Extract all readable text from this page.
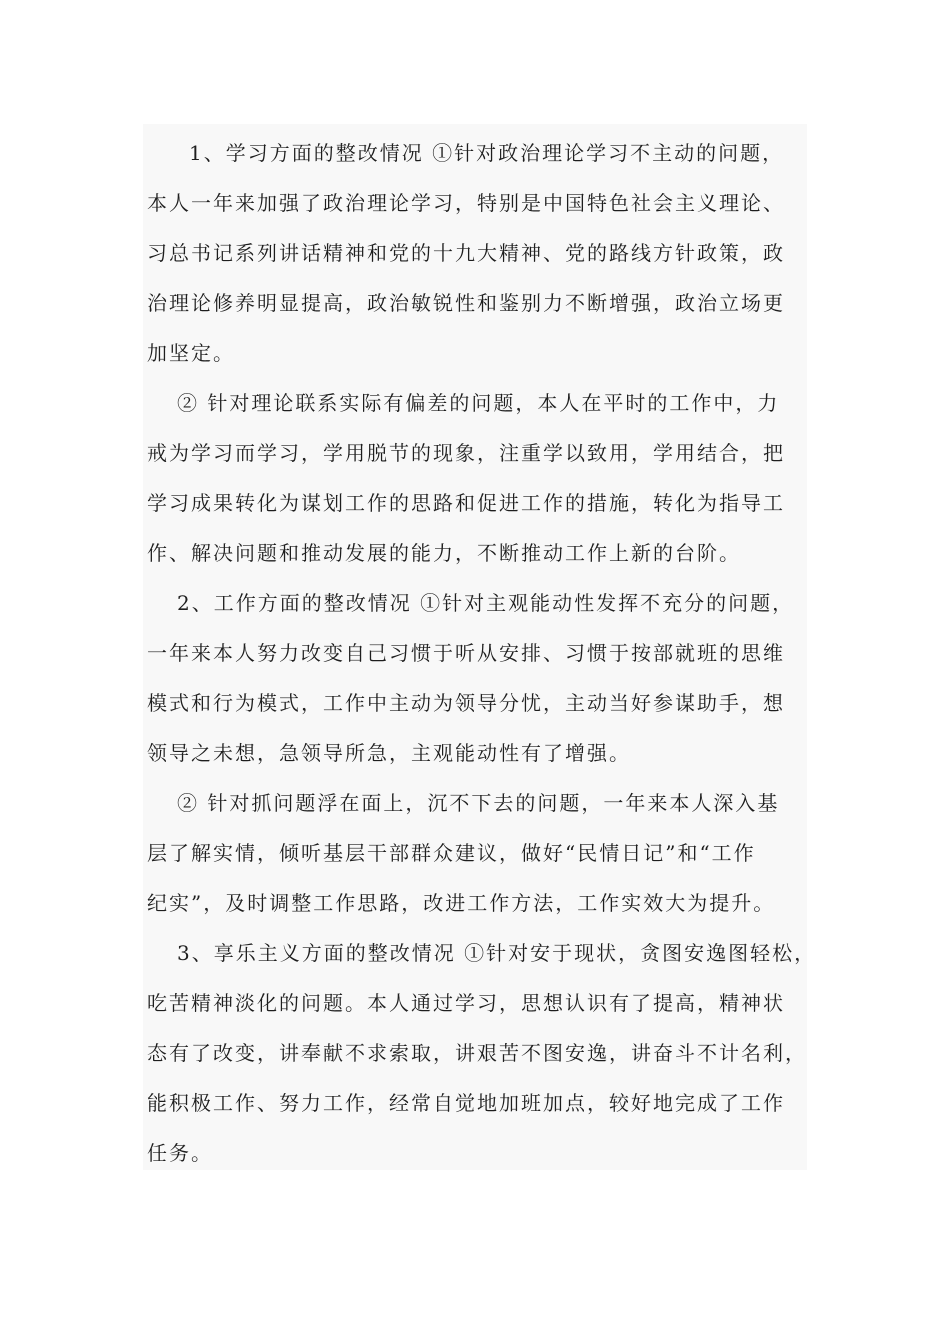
1、学习方面的整改情况 ①针对政治理论学习不主动的问题，
本人一年来加强了政治理论学习，特别是中国特色社会主义理论、
习总书记系列讲话精神和党的十九大精神、党的路线方针政策，政
治理论修养明显提高，政治敏锐性和鉴别力不断增强，政治立场更
加坚定。
② 针对理论联系实际有偏差的问题，本人在平时的工作中，力
戒为学习而学习，学用脱节的现象，注重学以致用，学用结合，把
学习成果转化为谋划工作的思路和促进工作的措施，转化为指导工
作、解决问题和推动发展的能力，不断推动工作上新的台阶。
2、工作方面的整改情况 ①针对主观能动性发挥不充分的问题，
一年来本人努力改变自己习惯于听从安排、习惯于按部就班的思维
模式和行为模式，工作中主动为领导分忧，主动当好参谋助手，想
领导之未想，急领导所急，主观能动性有了增强。
② 针对抓问题浮在面上，沉不下去的问题，一年来本人深入基
层了解实情，倾听基层干部群众建议，做好“民情日记”和“工作
纪实”，及时调整工作思路，改进工作方法，工作实效大为提升。
3、享乐主义方面的整改情况 ①针对安于现状，贪图安逸图轻松，
吃苦精神淡化的问题。本人通过学习，思想认识有了提高，精神状
态有了改变，讲奉献不求索取，讲艰苦不图安逸，讲奋斗不计名利，
能积极工作、努力工作，经常自觉地加班加点，较好地完成了工作
任务。
